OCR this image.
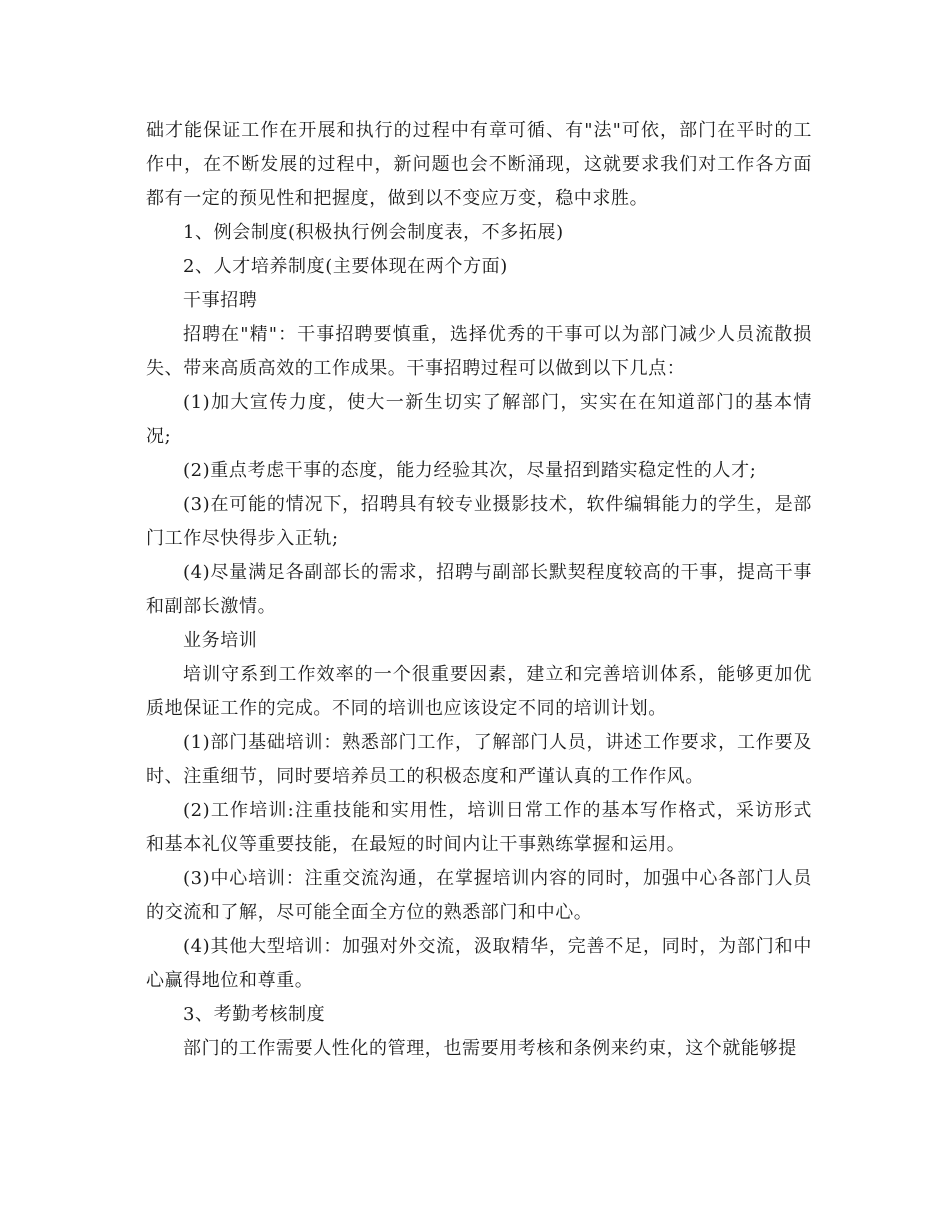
础才能保证工作在开展和执行的过程中有章可循、有"法"可依，部门在平时的工作中，在不断发展的过程中，新问题也会不断涌现，这就要求我们对工作各方面都有一定的预见性和把握度，做到以不变应万变，稳中求胜。

1、例会制度(积极执行例会制度表，不多拓展)

2、人才培养制度(主要体现在两个方面)

干事招聘

招聘在"精"：干事招聘要慎重，选择优秀的干事可以为部门减少人员流散损失、带来高质高效的工作成果。干事招聘过程可以做到以下几点：

(1)加大宣传力度，使大一新生切实了解部门，实实在在知道部门的基本情况;

(2)重点考虑干事的态度，能力经验其次，尽量招到踏实稳定性的人才;

(3)在可能的情况下，招聘具有较专业摄影技术，软件编辑能力的学生，是部门工作尽快得步入正轨;

(4)尽量满足各副部长的需求，招聘与副部长默契程度较高的干事，提高干事和副部长激情。

业务培训

培训守系到工作效率的一个很重要因素，建立和完善培训体系，能够更加优质地保证工作的完成。不同的培训也应该设定不同的培训计划。

(1)部门基础培训：熟悉部门工作，了解部门人员，讲述工作要求，工作要及时、注重细节，同时要培养员工的积极态度和严谨认真的工作作风。

(2)工作培训:注重技能和实用性，培训日常工作的基本写作格式，采访形式和基本礼仪等重要技能，在最短的时间内让干事熟练掌握和运用。

(3)中心培训：注重交流沟通，在掌握培训内容的同时，加强中心各部门人员的交流和了解，尽可能全面全方位的熟悉部门和中心。

(4)其他大型培训：加强对外交流，汲取精华，完善不足，同时，为部门和中心赢得地位和尊重。

3、考勤考核制度

部门的工作需要人性化的管理，也需要用考核和条例来约束，这个就能够提
